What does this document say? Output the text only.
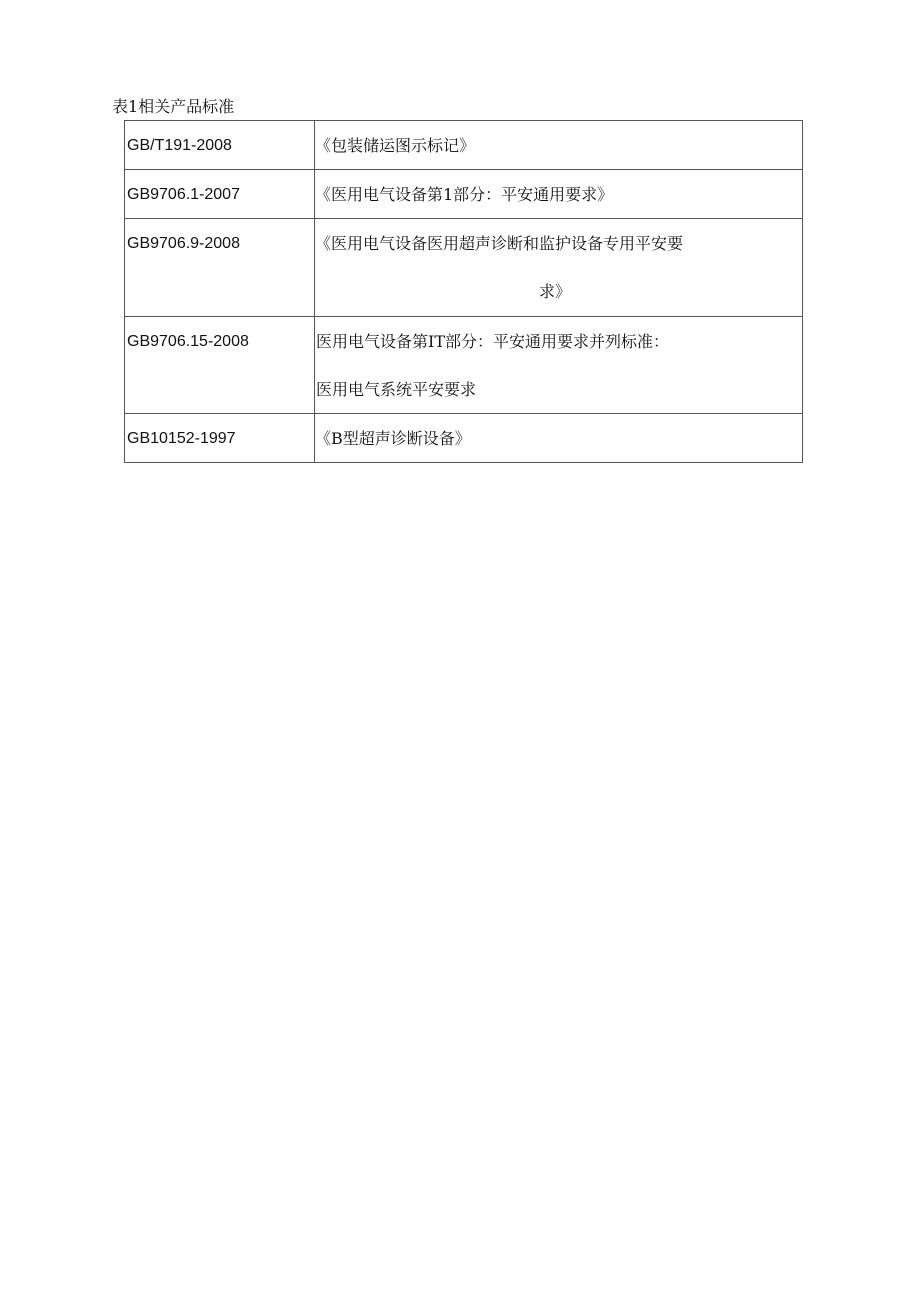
表1相关产品标准
GB/T191-2008	《包装储运图示标记》

GB9706.1-2007	《医用电气设备第1部分：平安通用要求》

GB9706.9-2008	《医用电气设备医用超声诊断和监护设备专用平安要
求》

GB9706.15-2008	医用电气设备第IT部分：平安通用要求并列标准：
医用电气系统平安要求

GB10152-1997	《B型超声诊断设备》
